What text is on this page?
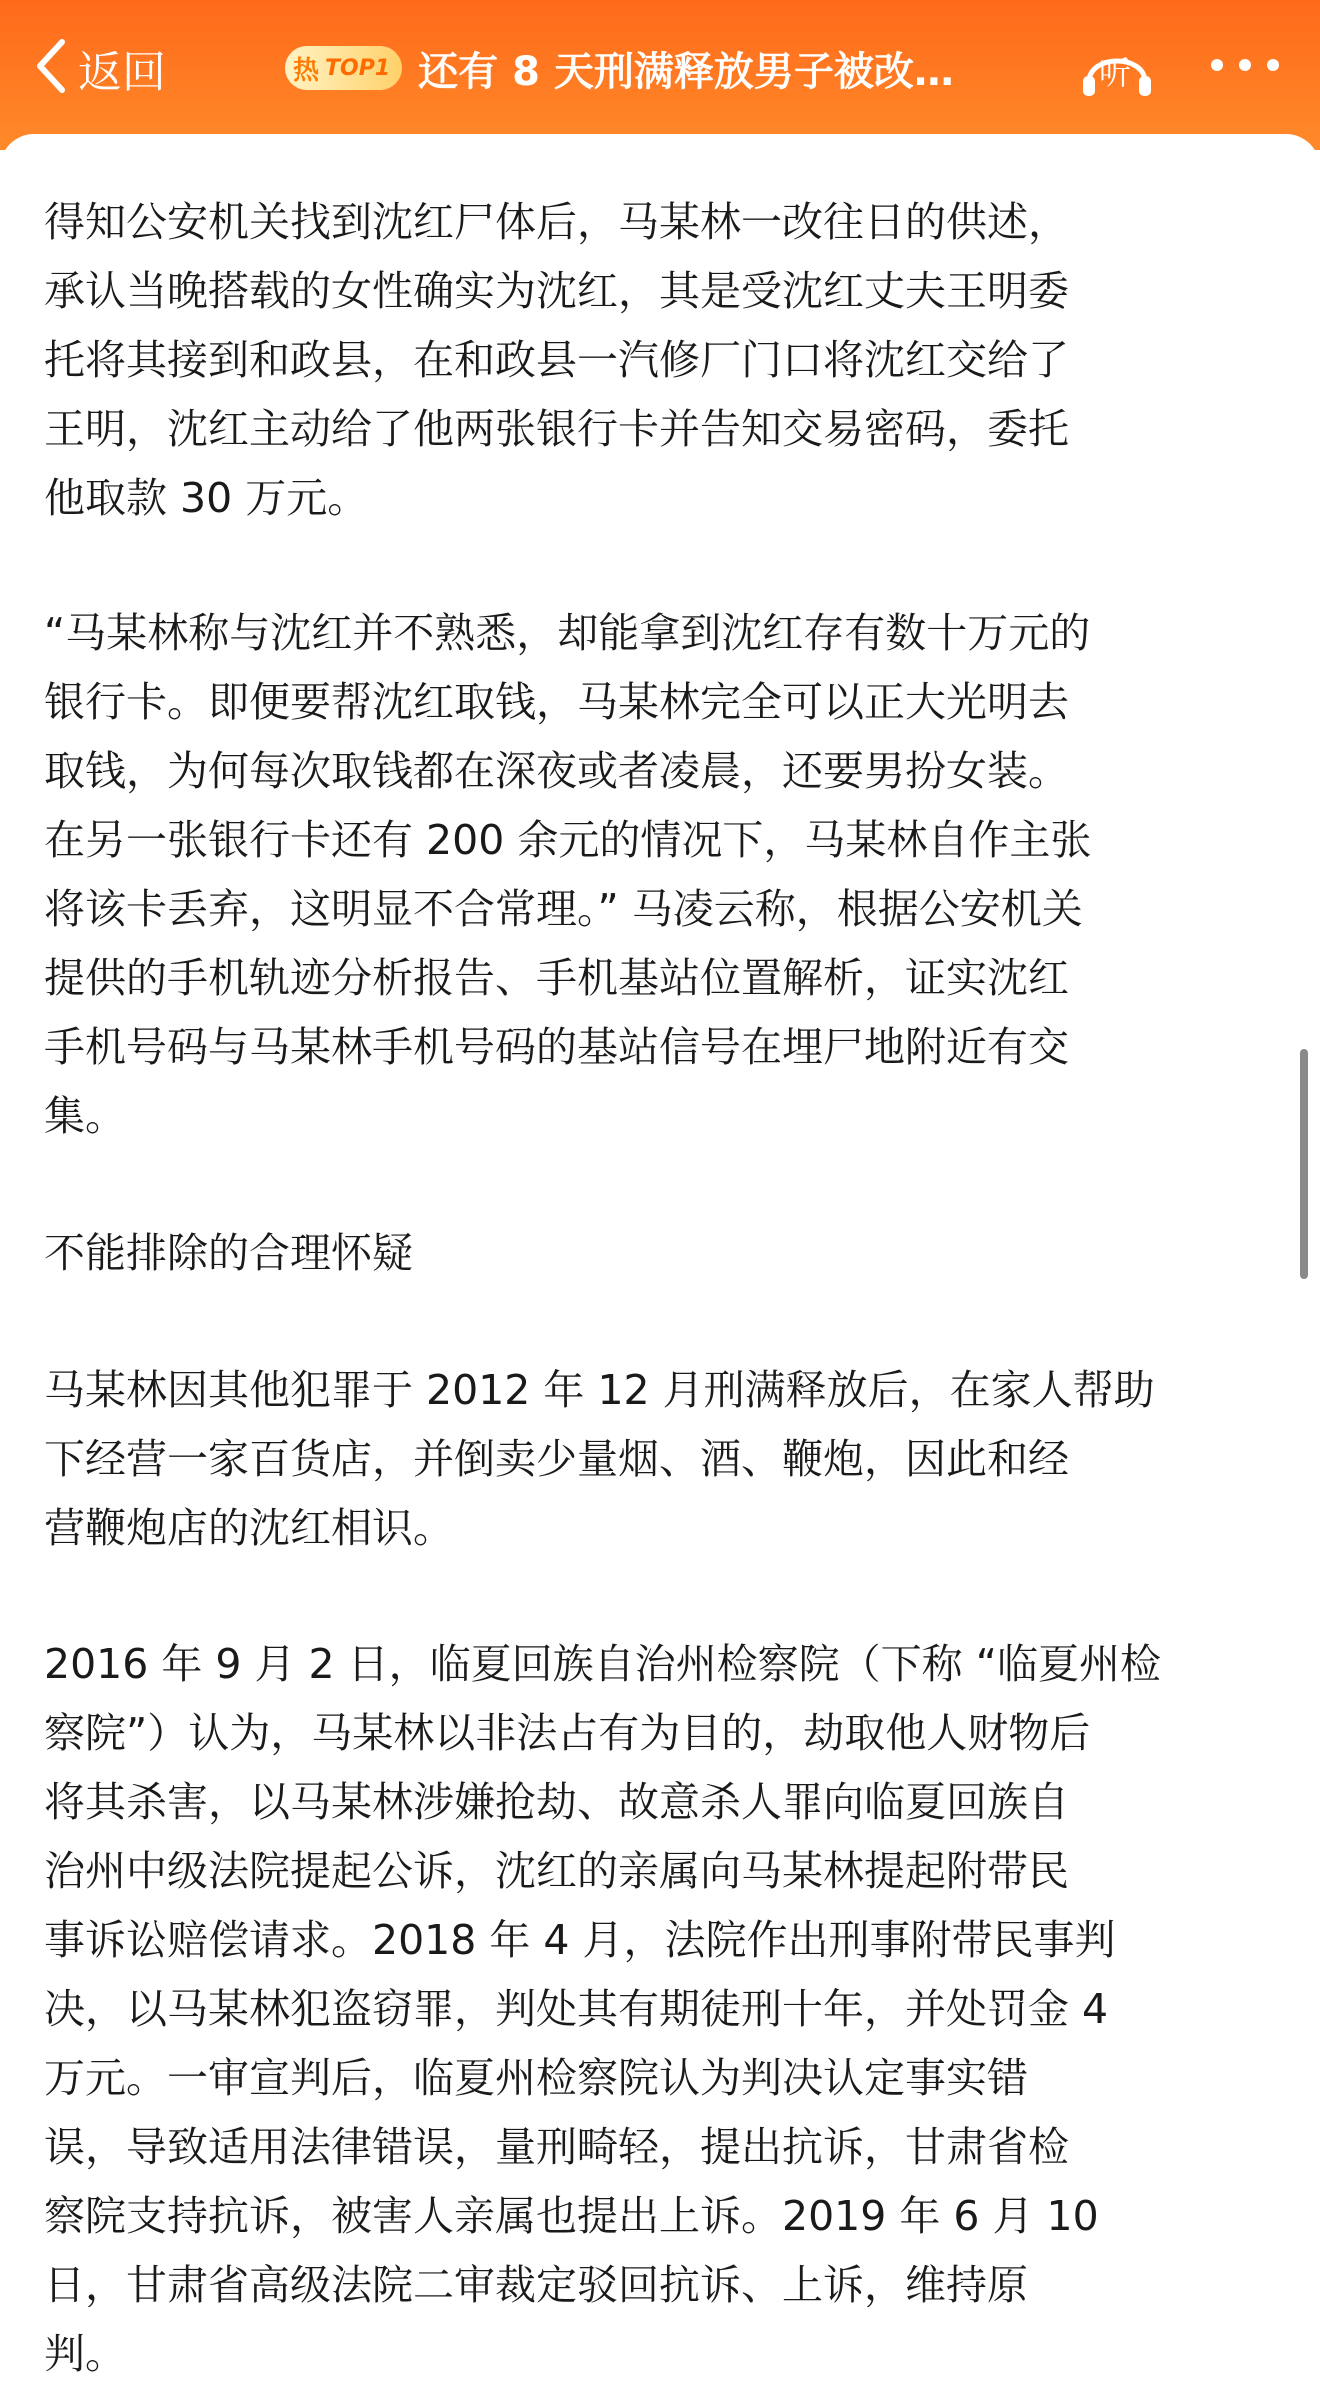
返回	热 TOP1 还有 8 天刑满释放男子被改…	听
得知公安机关找到沈红尸体后，马某林一改往日的供述，
承认当晚搭载的女性确实为沈红，其是受沈红丈夫王明委
托将其接到和政县，在和政县一汽修厂门口将沈红交给了
王明，沈红主动给了他两张银行卡并告知交易密码，委托
他取款 30 万元。
“马某林称与沈红并不熟悉，却能拿到沈红存有数十万元的
银行卡。即便要帮沈红取钱，马某林完全可以正大光明去
取钱，为何每次取钱都在深夜或者凌晨，还要男扮女装。
在另一张银行卡还有 200 余元的情况下，马某林自作主张
将该卡丢弃，这明显不合常理。” 马凌云称，根据公安机关
提供的手机轨迹分析报告、手机基站位置解析，证实沈红
手机号码与马某林手机号码的基站信号在埋尸地附近有交
集。
不能排除的合理怀疑
马某林因其他犯罪于 2012 年 12 月刑满释放后，在家人帮助
下经营一家百货店，并倒卖少量烟、酒、鞭炮，因此和经
营鞭炮店的沈红相识。
2016 年 9 月 2 日，临夏回族自治州检察院（下称 “临夏州检
察院”）认为，马某林以非法占有为目的，劫取他人财物后
将其杀害，以马某林涉嫌抢劫、故意杀人罪向临夏回族自
治州中级法院提起公诉，沈红的亲属向马某林提起附带民
事诉讼赔偿请求。2018 年 4 月，法院作出刑事附带民事判
决，以马某林犯盗窃罪，判处其有期徒刑十年，并处罚金 4
万元。一审宣判后，临夏州检察院认为判决认定事实错
误，导致适用法律错误，量刑畸轻，提出抗诉，甘肃省检
察院支持抗诉，被害人亲属也提出上诉。2019 年 6 月 10
日，甘肃省高级法院二审裁定驳回抗诉、上诉，维持原
判。
